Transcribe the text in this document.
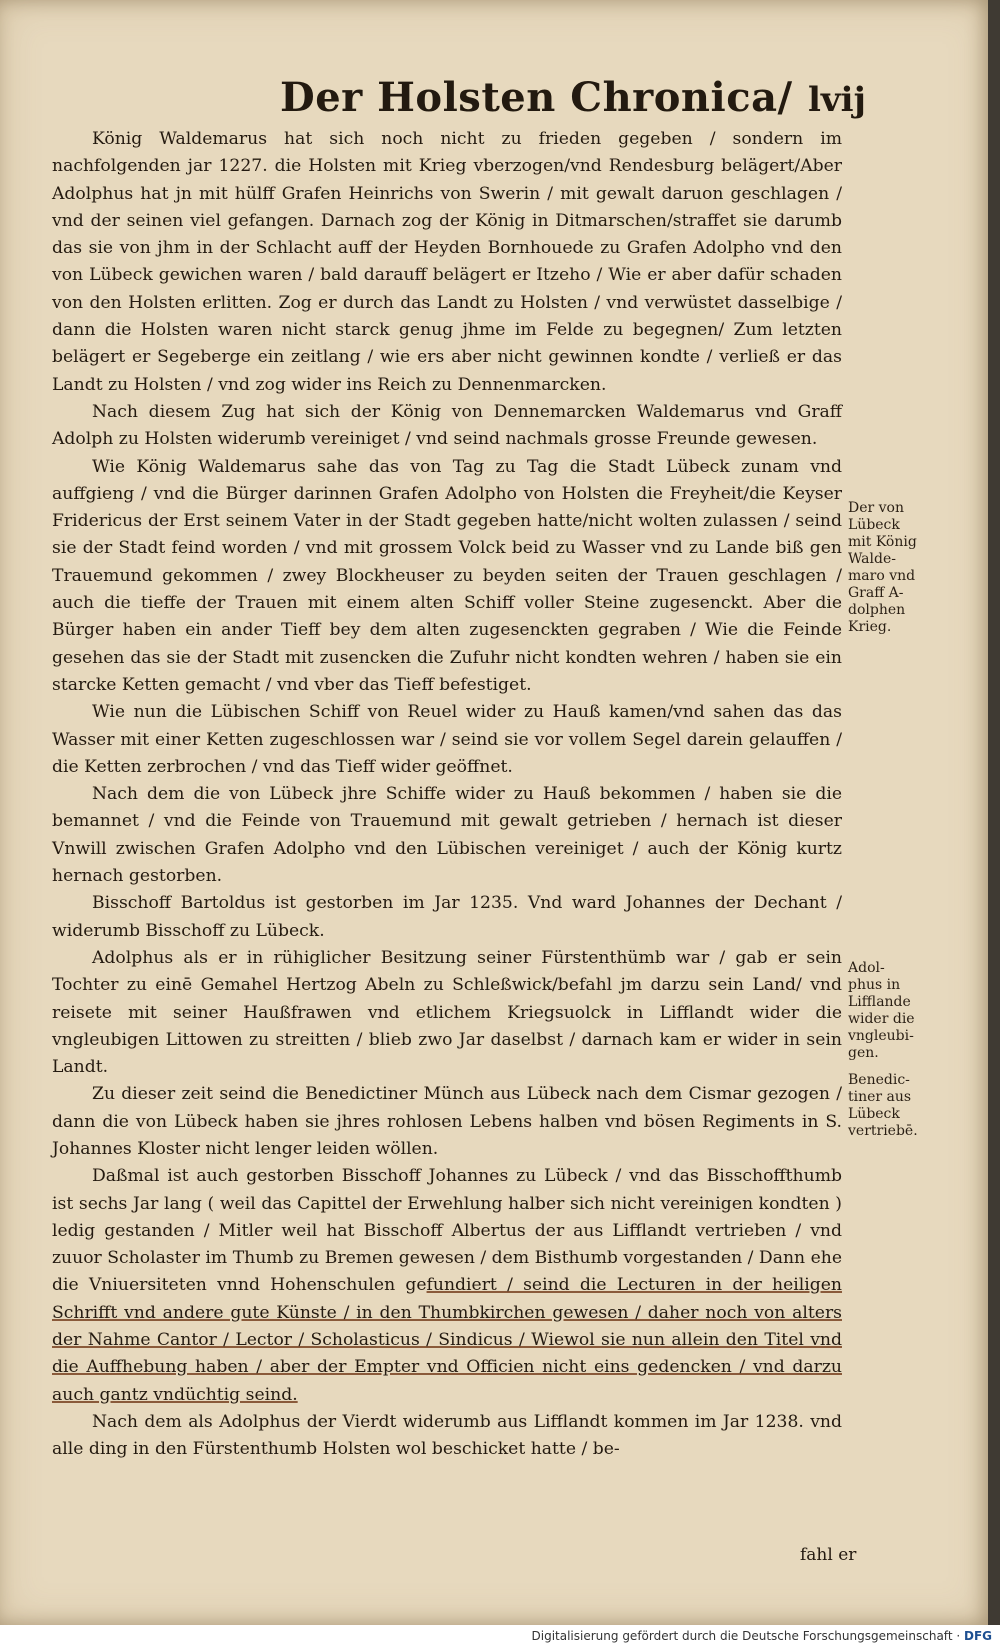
Der Holsten Chronica/ lvij

König Waldemarus hat sich noch nicht zu frieden gegeben / sondern im nachfolgenden jar 1227. die Holsten mit Krieg vberzogen/vnd Rendesburg belägert/Aber Adolphus hat jn mit hülff Grafen Heinrichs von Swerin / mit gewalt daruon geschlagen / vnd der seinen viel gefangen. Darnach zog der König in Ditmarschen/straffet sie darumb das sie von jhm in der Schlacht auff der Heyden Bornhouede zu Grafen Adolpho vnd den von Lübeck gewichen waren / bald darauff belägert er Itzeho / Wie er aber dafür schaden von den Holsten erlitten. Zog er durch das Landt zu Holsten / vnd verwüstet dasselbige / dann die Holsten waren nicht starck genug jhme im Felde zu begegnen/ Zum letzten belägert er Segeberge ein zeitlang / wie ers aber nicht gewinnen kondte / verließ er das Landt zu Holsten / vnd zog wider ins Reich zu Dennenmarcken.

Nach diesem Zug hat sich der König von Dennemarcken Waldemarus vnd Graff Adolph zu Holsten widerumb vereiniget / vnd seind nachmals grosse Freunde gewesen.

Wie König Waldemarus sahe das von Tag zu Tag die Stadt Lübeck zunam vnd auffgieng / vnd die Bürger darinnen Grafen Adolpho von Holsten die Freyheit/die Keyser Fridericus der Erst seinem Vater in der Stadt gegeben hatte/nicht wolten zulassen / seind sie der Stadt feind worden / vnd mit grossem Volck beid zu Wasser vnd zu Lande biß gen Trauemund gekommen / zwey Blockheuser zu beyden seiten der Trauen geschlagen / auch die tieffe der Trauen mit einem alten Schiff voller Steine zugesenckt. Aber die Bürger haben ein ander Tieff bey dem alten zugesenckten gegraben / Wie die Feinde gesehen das sie der Stadt mit zusencken die Zufuhr nicht kondten wehren / haben sie ein starcke Ketten gemacht / vnd vber das Tieff befestiget.

Wie nun die Lübischen Schiff von Reuel wider zu Hauß kamen/vnd sahen das das Wasser mit einer Ketten zugeschlossen war / seind sie vor vollem Segel darein gelauffen / die Ketten zerbrochen / vnd das Tieff wider geöffnet.

Nach dem die von Lübeck jhre Schiffe wider zu Hauß bekommen / haben sie die bemannet / vnd die Feinde von Trauemund mit gewalt getrieben / hernach ist dieser Vnwill zwischen Grafen Adolpho vnd den Lübischen vereiniget / auch der König kurtz hernach gestorben.

Bisschoff Bartoldus ist gestorben im Jar 1235. Vnd ward Johannes der Dechant / widerumb Bisschoff zu Lübeck.

Adolphus als er in rühiglicher Besitzung seiner Fürstenthümb war / gab er sein Tochter zu einē Gemahel Hertzog Abeln zu Schleßwick/befahl jm darzu sein Land/ vnd reisete mit seiner Haußfrawen vnd etlichem Kriegsuolck in Lifflandt wider die vngleubigen Littowen zu streitten / blieb zwo Jar daselbst / darnach kam er wider in sein Landt.

Zu dieser zeit seind die Benedictiner Münch aus Lübeck nach dem Cismar gezogen / dann die von Lübeck haben sie jhres rohlosen Lebens halben vnd bösen Regiments in S. Johannes Kloster nicht lenger leiden wöllen.

Daßmal ist auch gestorben Bisschoff Johannes zu Lübeck / vnd das Bisschoffthumb ist sechs Jar lang ( weil das Capittel der Erwehlung halber sich nicht vereinigen kondten ) ledig gestanden / Mitler weil hat Bisschoff Albertus der aus Lifflandt vertrieben / vnd zuuor Scholaster im Thumb zu Bremen gewesen / dem Bisthumb vorgestanden / Dann ehe die Vniuersiteten vnnd Hohenschulen gefundiert / seind die Lecturen in der heiligen Schrifft vnd andere gute Künste / in den Thumbkirchen gewesen / daher noch von alters der Nahme Cantor / Lector / Scholasticus / Sindicus / Wiewol sie nun allein den Titel vnd die Auffhebung haben / aber der Empter vnd Officien nicht eins gedencken / vnd darzu auch gantz vndüchtig seind.

Nach dem als Adolphus der Vierdt widerumb aus Lifflandt kommen im Jar 1238. vnd alle ding in den Fürstenthumb Holsten wol beschicket hatte / be-

Der von
Lübeck
mit König
Walde-
maro vnd
Graff A-
dolphen
Krieg.
Adol-
phus in
Lifflande
wider die
vngleubi-
gen.
Benedic-
tiner aus
Lübeck
vertriebē.
fahl er
Digitalisierung gefördert durch die Deutsche Forschungsgemeinschaft · DFG
